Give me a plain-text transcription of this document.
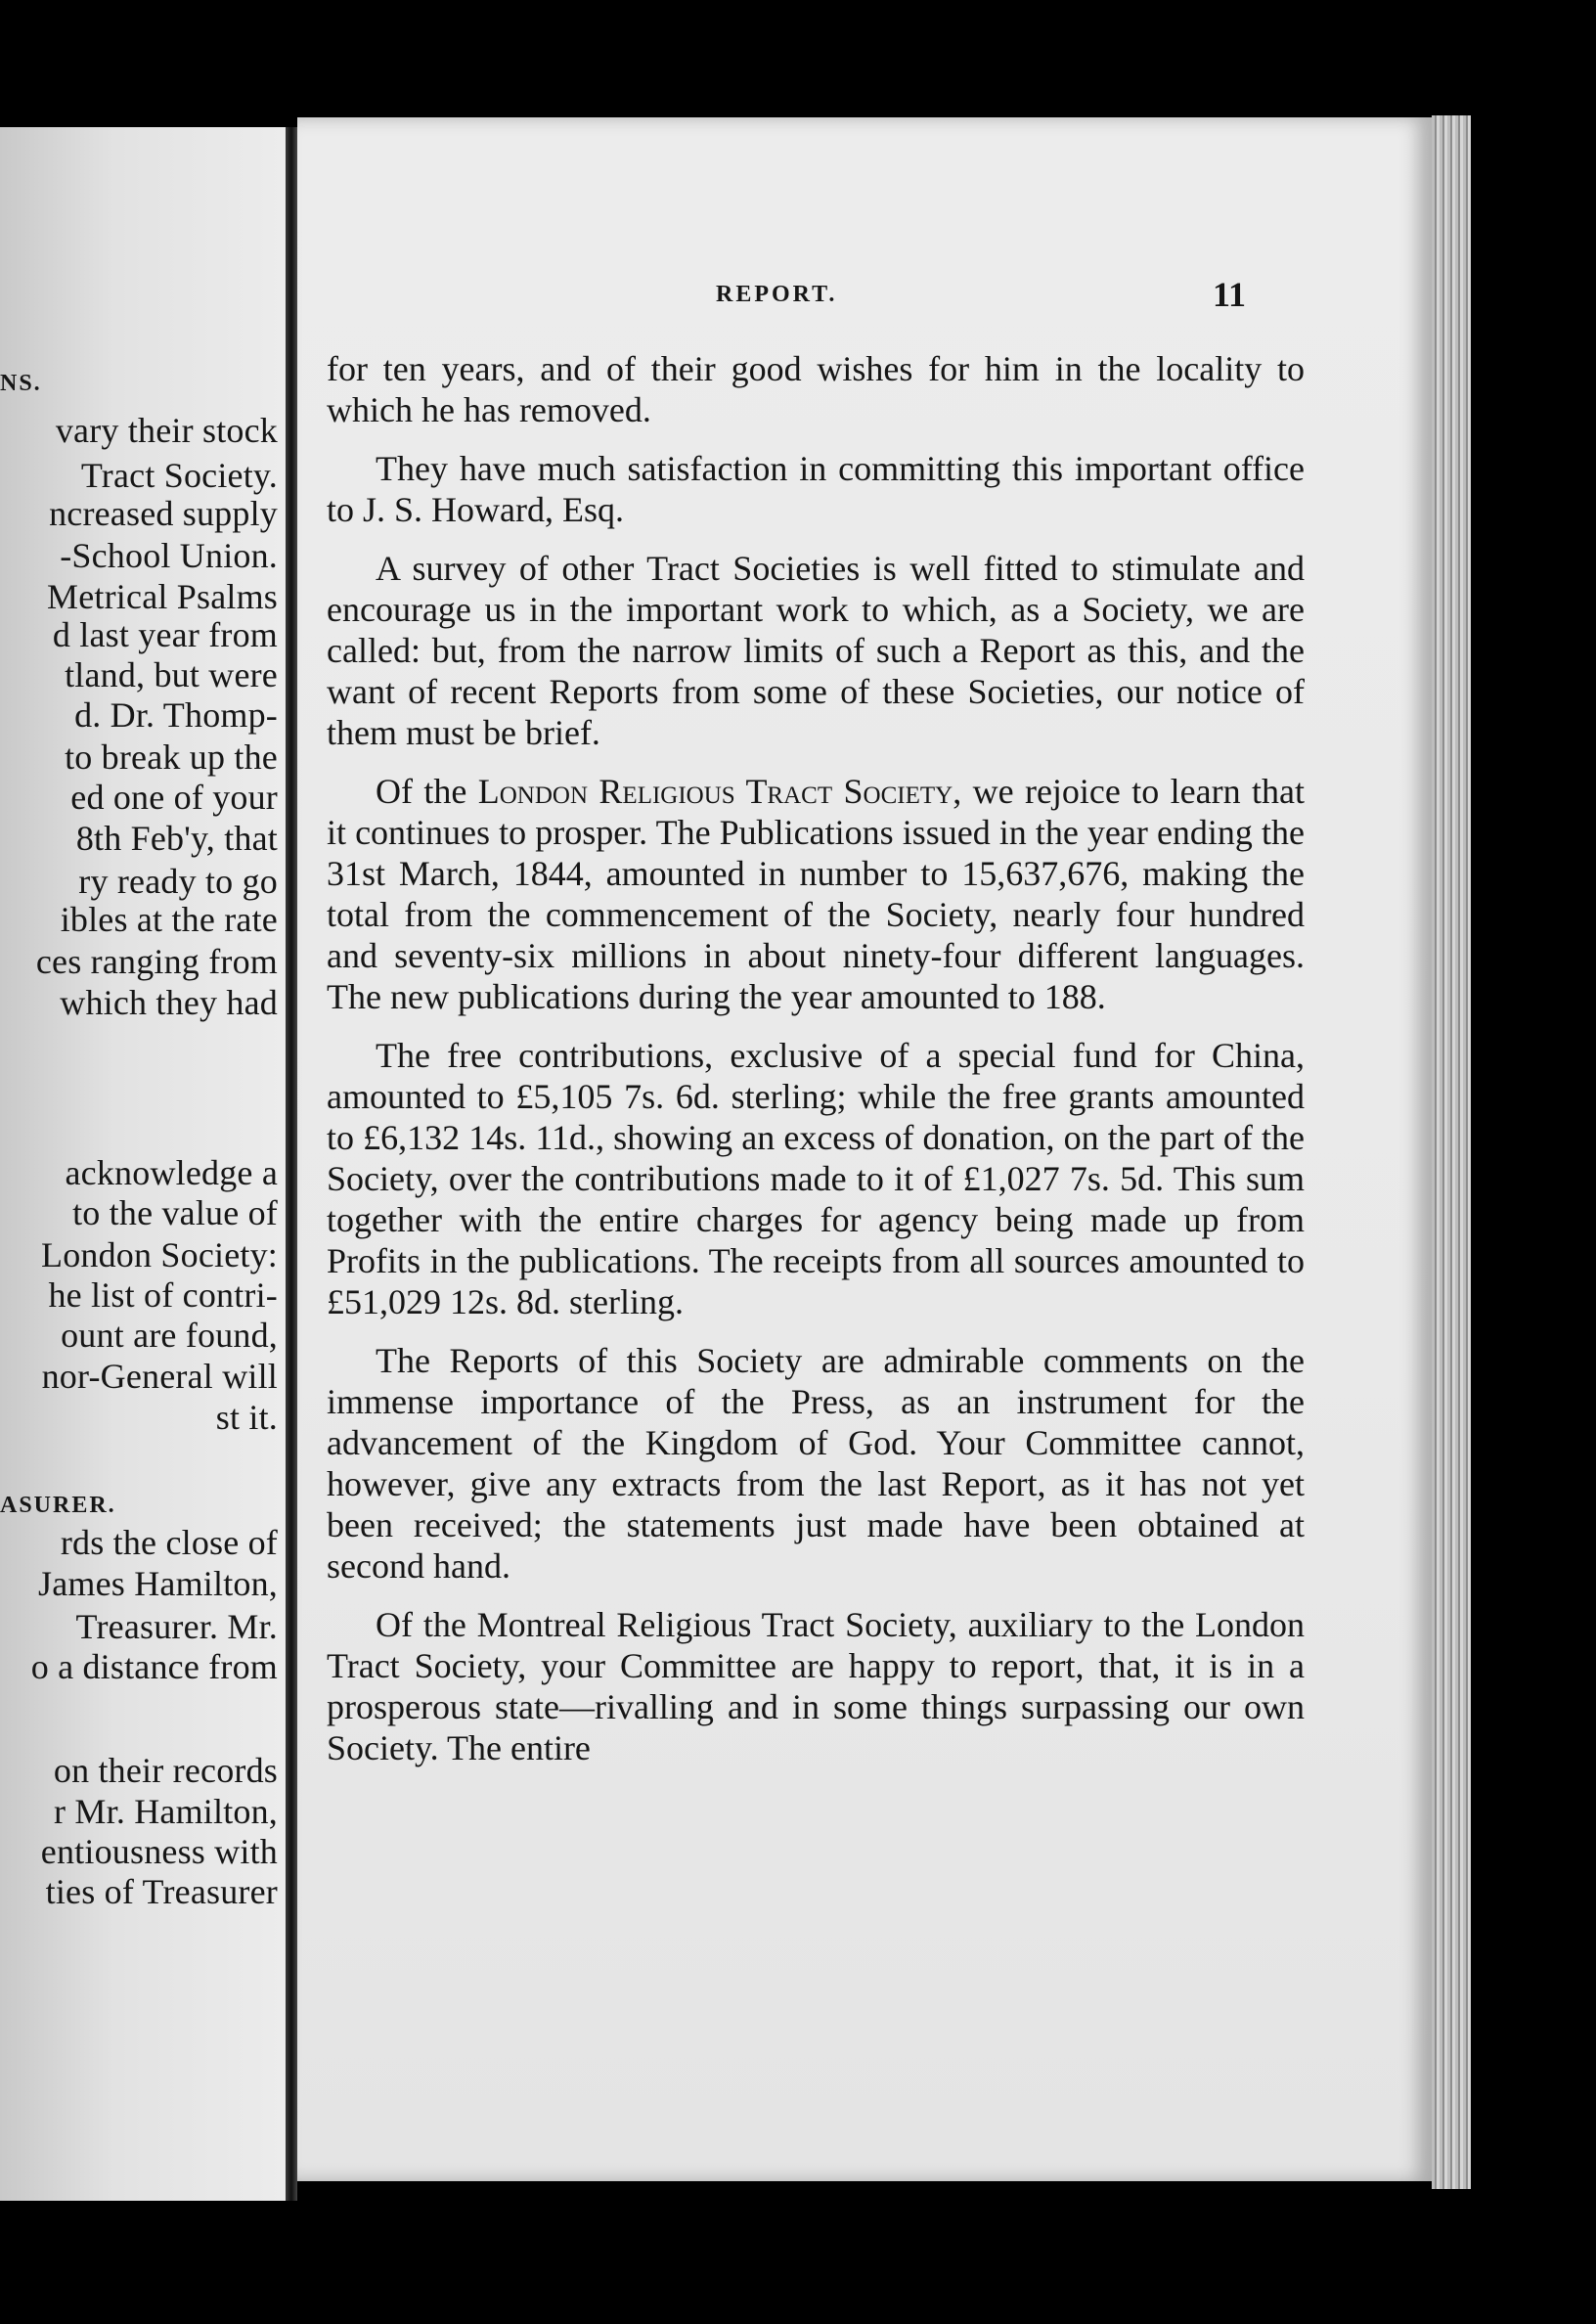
NS.
vary their stock
Tract Society.
ncreased supply
-School Union.
Metrical Psalms
d last year from
tland, but were
d. Dr. Thomp-
to break up the
ed one of your
8th Feb'y, that
ry ready to go
ibles at the rate
ces ranging from
which they had
acknowledge a
to the value of
London Society:
he list of contri-
ount are found,
nor-General will
st it.
ASURER.
rds the close of
James Hamilton,
Treasurer. Mr.
o a distance from
on their records
r Mr. Hamilton,
entiousness with
ties of Treasurer
REPORT.	11

for ten years, and of their good wishes for him in the locality to which he has removed.

They have much satisfaction in committing this important office to J. S. Howard, Esq.

A survey of other Tract Societies is well fitted to stimulate and encourage us in the important work to which, as a Society, we are called: but, from the narrow limits of such a Report as this, and the want of recent Reports from some of these Societies, our notice of them must be brief.

Of the London Religious Tract Society, we rejoice to learn that it continues to prosper. The Publications issued in the year ending the 31st March, 1844, amounted in number to 15,637,676, making the total from the commencement of the Society, nearly four hundred and seventy-six millions in about ninety-four different languages. The new publications during the year amounted to 188.

The free contributions, exclusive of a special fund for China, amounted to £5,105 7s. 6d. sterling; while the free grants amounted to £6,132 14s. 11d., showing an excess of donation, on the part of the Society, over the contributions made to it of £1,027 7s. 5d. This sum together with the entire charges for agency being made up from Profits in the publications. The receipts from all sources amounted to £51,029 12s. 8d. sterling.

The Reports of this Society are admirable comments on the immense importance of the Press, as an instrument for the advancement of the Kingdom of God. Your Committee cannot, however, give any extracts from the last Report, as it has not yet been received; the statements just made have been obtained at second hand.

Of the Montreal Religious Tract Society, auxiliary to the London Tract Society, your Committee are happy to report, that, it is in a prosperous state—rivalling and in some things surpassing our own Society. The entire
